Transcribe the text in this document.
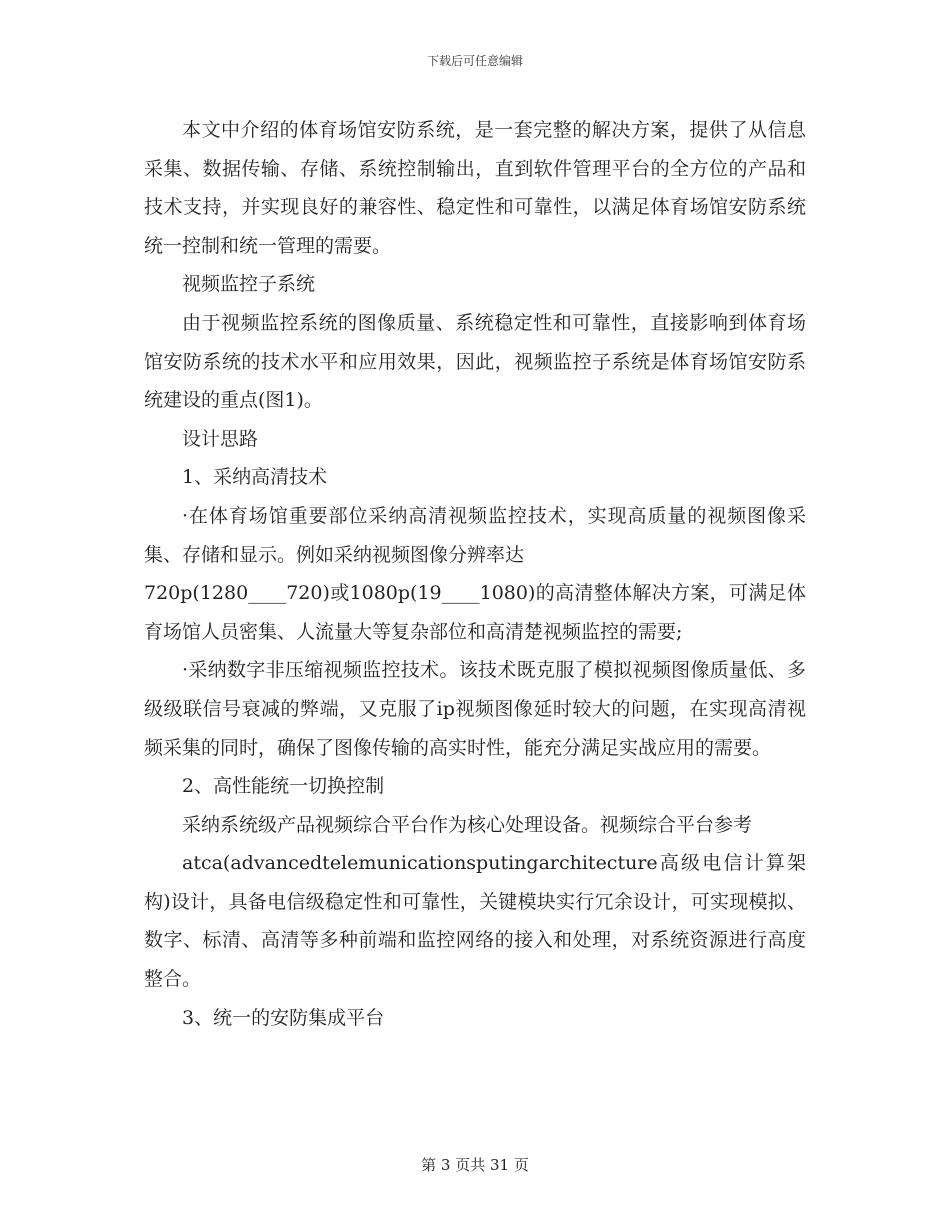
下载后可任意编辑

本文中介绍的体育场馆安防系统，是一套完整的解决方案，提供了从信息采集、数据传输、存储、系统控制输出，直到软件管理平台的全方位的产品和技术支持，并实现良好的兼容性、稳定性和可靠性，以满足体育场馆安防系统统一控制和统一管理的需要。

视频监控子系统

由于视频监控系统的图像质量、系统稳定性和可靠性，直接影响到体育场馆安防系统的技术水平和应用效果，因此，视频监控子系统是体育场馆安防系统建设的重点(图1)。

设计思路

1、采纳高清技术

·在体育场馆重要部位采纳高清视频监控技术，实现高质量的视频图像采集、存储和显示。例如采纳视频图像分辨率达

720p(1280____720)或1080p(19____1080)的高清整体解决方案，可满足体育场馆人员密集、人流量大等复杂部位和高清楚视频监控的需要;

·采纳数字非压缩视频监控技术。该技术既克服了模拟视频图像质量低、多级级联信号衰减的弊端，又克服了ip视频图像延时较大的问题，在实现高清视频采集的同时，确保了图像传输的高实时性，能充分满足实战应用的需要。

2、高性能统一切换控制

采纳系统级产品视频综合平台作为核心处理设备。视频综合平台参考

atca(advancedtelemunicationsputingarchitecture高级电信计算架构)设计，具备电信级稳定性和可靠性，关键模块实行冗余设计，可实现模拟、数字、标清、高清等多种前端和监控网络的接入和处理，对系统资源进行高度整合。

3、统一的安防集成平台

第 3 页共 31 页
